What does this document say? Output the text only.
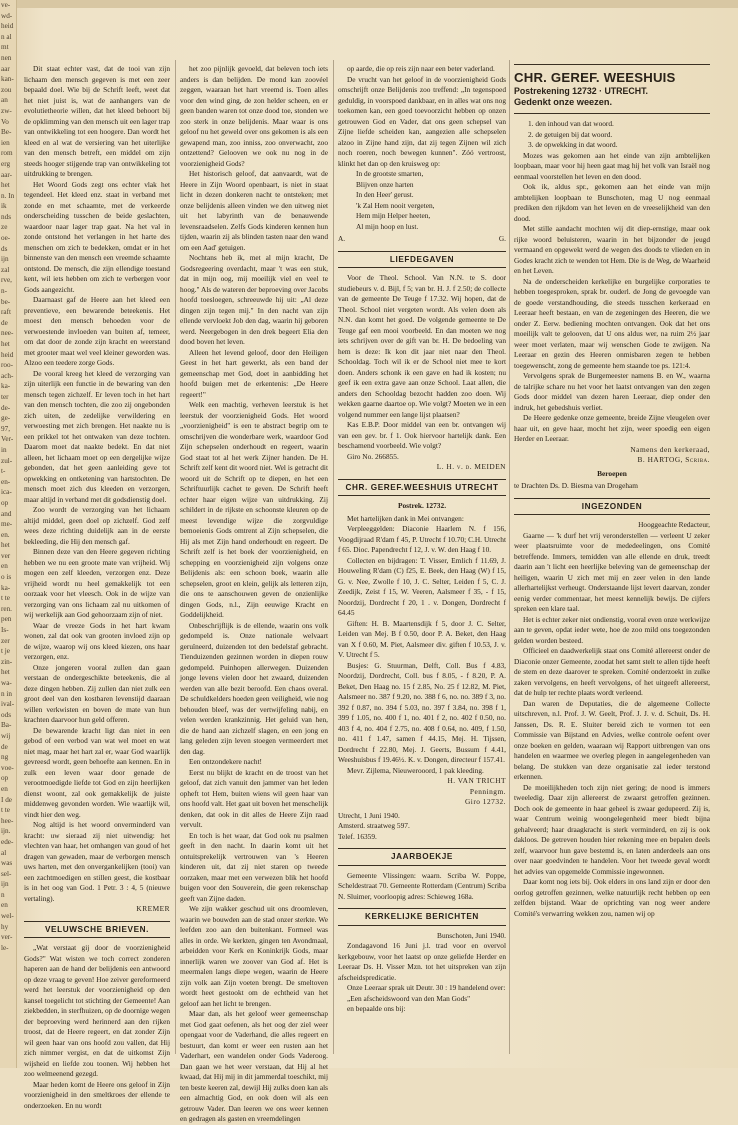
ve-
wd-
heid
n al
mt
nen
aar
kan-
zou
an
zw-
Vo
Be-
ien
rom
erg
aar-
het
n. In
ik
nds
ze
oe-
ds
ijn
zal
rve,
n-
be-
raft
de
nee-
het
heid
roo-
ach-
ka-
ter
de-
ge-
97,
Ver-
in
zul-
t-
en-
ica-
op
and
me-
en.
het
ver
en
o is
ka-
t te
ren.
pen
Is-
zer
t je
zin-
het
wa-
n in
ival-
ods
Ba-
wij
de
ng
voe-
op
en
I de
t te
hee-
ijn.
ede-
al
was
sel-
ijn
n
en
wel-
hy
ver-
le-

Dit staat echter vast, dat de tooi van zijn lichaam den mensch gegeven is met een zeer bepaald doel. Wie bij de Schrift leeft, weet dat het niet juist is, wat de aanhangers van de evolutietheorie willen, dat het kleed behoort bij de opklimming van den mensch uit een lager trap van ontwikkeling tot een hoogere. Dan wordt het kleed en al wat de versiering van het uiterlijke van den mensch betreft, een middel om zijn steeds hooger stijgende trap van ontwikkeling tot uitdrukking te brengen.

Het Woord Gods zegt ons echter vlak het tegendeel. Het kleed enz. staat in verband met zonde en met schaamte, met de verkeerde onderscheiding tusschen de beide geslachten, waardoor naar lager trap gaat. Na het val in zonde ontstond het verlangen in het harte des menschen om zich te bedekken, omdat er in het binnenste van den mensch een vreemde schaamte ontstond. De mensch, die zijn ellendige toestand kent, wil iets hebben om zich te verbergen voor Gods aangezicht.

Daarnaast gaf de Heere aan het kleed een preventieve, een bewarende beteekenis. Het moest den mensch behoeden voor de verwoestende invloeden van buiten af, temeer, om dat door de zonde zijn kracht en weerstand met grooter maat wel veel kleiner geworden was. Alzoo een teedere zorge Gods.

De vooral kreeg het kleed de verzorging van zijn uiterlijk een functie in de bewaring van den mensch tegen zichzelf. Er leven toch in het hart van den mensch tochten, die zoo zij ongebonden zich uiten, de zedelijke verwildering en verwoesting met zich brengen. Het naakte nu is een prikkel tot het ontwaken van deze tochten. Daarom moet dat naakte bedekt. En dat niet alleen, het lichaam moet op een dergelijke wijze gebonden, dat het geen aanleiding geve tot opwekking en ontketening van hartstochten. De mensch moet zich dus kleeden en verzorgen, maar altijd in verband met dit godsdienstig doel.

Zoo wordt de verzorging van het lichaam altijd middel, geen doel op zichzelf. God zelf wees deze richting duidelijk aan in de eerste bekleeding, die Hij den mensch gaf.

Binnen deze van den Heere gegeven richting hebben we nu een groote mate van vrijheid. Wij mogen een zelf kleeden, verzorgen enz. Deze vrijheid wordt nu heel gemakkelijk tot een oorzaak voor het vleesch. Ook in de wijze van verzorging van ons lichaam zal nu uitkomen of wij werkelijk aan God gehoorzaam zijn of niet.

Waar de vreeze Gods in het hart kwam wonen, zal dat ook van grooten invloed zijn op de wijze, waarop wij ons kleed kiezen, ons haar verzorgen, enz.

Onze jongeren vooral zullen dan gaan verstaan de ondergeschikte beteekenis, die al deze dingen hebben. Zij zullen dan niet zulk een groot deel van den kostbaren levenstijd daaraan willen verkwisten en boven de mate van hun krachten daarvoor hun geld offeren.

De bewarende kracht ligt dan niet in een gebod of een verbod van wat wel moet en wat niet mag, maar het hart zal er, waar God waarlijk gevreesd wordt, geen behoefte aan kennen. En in zulk een leven waar door genade de verootmoedigde liefde tot God en zijn heerlijken dienst woont, zal ook gemakkelijk de juiste middenweg gevonden worden. Wie waarlijk wil, vindt hier den weg.

Nog altijd is het woord onverminderd van kracht: uw sieraad zij niet uitwendig: het vlechten van haar, het omhangen van goud of het dragen van gewaden, maar de verborgen mensch uws harten, met den onvergankelijken (tooi) van een zachtmoedigen en stillen geest, die kostbaar is in het oog van God. 1 Petr. 3 : 4, 5 (nieuwe vertaling).

KREMER

VELUWSCHE BRIEVEN.

„Wat verstaat gij door de voorzienigheid Gods?" Wat wisten we toch correct zonderen haperen aan de hand der belijdenis een antwoord op deze vraag te geven! Hoe zeiver gereformeerd werd het leerstuk der voorzienigheid op den kansel toegelicht tot stichting der Gemeente! Aan ziekbedden, in sterfhuizen, op de doornige wegen der beproeving werd herinnerd aan den rijken troost, dat de Heere regeert, en dat zonder Zijn wil geen haar van ons hoofd zou vallen, dat Hij zich nimmer vergist, en dat de uitkomst Zijn wijsheid en liefde zou toonen. Wij hebben het zoo welmeenend gezegd.

Maar heden komt de Heere ons geloof in Zijn voorzienigheid in den smeltkroes der ellende te onderzoeken. En nu wordt

het zoo pijnlijk gevoeld, dat beleven toch iets anders is dan belijden. De mond kan zoovéel zeggen, waaraan het hart vreemd is. Toen alles voor den wind ging, de zon helder scheen, en er geen banden waren tot onze dood toe, stonden we zoo sterk in onze belijdenis. Maar waar is ons geloof nu het geweld over ons gekomen is als een gewapend man, zoo inniss, zoo onverwacht, zoo ontzettend? Gelooven we ook nu nog in de voorzienigheid Gods?

Het historisch geloof, dat aanvaardt, wat de Heere in Zijn Woord openbaart, is niet in staat licht in dezen donkeren nacht te ontsteken; met onze belijdenis alleen vinden we den uitweg niet uit het labyrinth van de benauwende levensraadselen. Zelfs Gods kinderen kennen hun tijden, waarin zij als blinden tasten naar den wand om een Aad' getuigen.

Nochtans heb ik, met al mijn kracht, De Godsregeering overdacht, maar 't was een stuk, dat in mijn oog, mij moeilijk viel en veel te hoog." Als de wateren der beproeving over Jacobs hoofd toesloegen, schreeuwde hij uit: „Al deze dingen zijn tegen mij." In den nacht van zijn ellende vervloekt Job den dag, waarin hij geboren werd. Neergebogen in den drek begeert Elia den dood boven het leven.

Alleen het levend geloof, door den Heiligen Geest in het hart gewerkt, als een band der gemeenschap met God, doet in aanbidding het hoofd buigen met de erkentenis: „De Heere regeert!"

Welk een machtig, verheven leerstuk is het leerstuk der voorzienigheid Gods. Het woord „voorzienigheid" is een te abstract begrip om te omschrijven die wonderbare werk, waardoor God Zijn schepselen onderhoudt en regeert, waarin God staat tot al het werk Zijner handen. De H. Schrift zelf kent dit woord niet. Wel is getracht dit woord uit de Schrift op te diepen, en het een Schriftuurlijk cachet te geven. De Schrift heeft echter haar eigen wijze van uitdrukking. Zij schildert in de rijkste en schoonste kleuren op de meest levendige wijze die zorgvuldige bemoeienis Gods omtrent al Zijn schepselen, die Hij als met Zijn hand onderhoudt en regeert. De Schrift zelf is het boek der voorzienigheid, en schepping en voorzienigheid zijn volgens onze Belijdenis als: een schoon boek, waarin alle schepselen, groot en klein, gelijk als letteren zijn, die ons te aanschouwen geven de onzienlijke dingen Gods, n.l., Zijn eeuwige Kracht en Goddelijkheid.

Onbeschrijflijk is de ellende, waarin ons volk gedompeld is. Onze nationale welvaart geruïneerd, duizenden tot den bedelstaf gebracht. Tienduizenden gezinnen worden in diepen rouw gedompeld. Puinhopen allerwegen. Duizenden jonge levens vielen door het zwaard, duizenden werden van alle bezit beroofd. Een chaos overal. De schuldkelders hoeden geen veiligheid, wie nog behouden bleef, was der vertwijfeling nabij, en velen werden krankzinnig. Het geluid van hen, die de hand aan zichzelf slagen, en een jong en lang geleden zijn leven stoegen vermeerdert met den dag.

Een ontzondekere nacht!

Eerst nu blijkt de kracht en de troost van het geloof, dat zich vanuit den jammer van het leden opheft tot Hem, buiten wiens wil geen haar van ons hoofd valt. Het gaat uit boven het menschelijk denken, dat ook in dit alles de Heere Zijn raad vervult.

En toch is het waar, dat God ook nu psalmen geeft in den nacht. In daarin komt uit het ontuitsprekelijk vertrouwen van 's Heeren kinderen uit, dat zij niet staren op tweede oorzaken, maar met een verwezen blik het hoofd buigen voor den Souverein, die geen rekenschap geeft van Zijne daden.

We zijn wakker geschud uit ons droomleven, waarin we bouwden aan de stad onzer sterkte. We leefden zoo aan den buitenkant. Formeel was alles in orde. We kerkten, gingen ten Avondmaal, arbeidden voor Kerk en Koninkrijk Gods, maar innerlijk waren we zoover van God af. Het is meermalen langs diepe wegen, waarin de Heere zijn volk aan Zijn voeten brengt. De smeltoven wordt heet gestookt om de echtheid van het geloof aan het licht te brengen.

Maar dan, als het geloof weer gemeenschap met God gaat oefenen, als het oog der ziel weer opengaat voor de Vaderhand, die alles regeert en bestuurt, dan komt er weer een rusten aan het Vaderhart, een wandelen onder Gods Vaderoog. Dan gaan we het weer verstaan, dat Hij al het kwaad, dat Hij mij in dit jammerdal toeschikt, mij ten beste keeren zal, dewijl Hij zulks doen kan als een almachtig God, en ook doen wil als een getrouw Vader. Dan leeren we ons weer kennen en gedragen als gasten en vreemdelingen

op aarde, die op reis zijn naar een beter vaderland.

De vrucht van het geloof in de voorzienigheid Gods omschrijft onze Belijdenis zoo treffend: „In tegenspoed geduldig, in voorspoed dankbaar, en in alles wat ons nog toekomen kan, een goed toevoorzicht hebben op onzen getrouwen God en Vader, dat ons geen schepsel van Zijne liefde scheiden kan, aangezien alle schepselen alzoo in Zijne hand zijn, dat zij tegen Zijnen wil zich noch roeren, noch bewegen kunnen". Zóó vertroost, klinkt het dan op den kruisweg op:

In de grootste smarten,

Blijven onze harten

In den Heer' gerust.

'k Zal Hem nooit vergeten,

Hem mijn Helper heeten,

Al mijn hoop en lust.

A.	G.

LIEFDEGAVEN

Voor de Theol. School. Van N.N. te S. door studiebeurs v. d. Bijl, f 5; van br. H. J. f 2.50; de collecte van de gemeente De Teuge f 17.32. Wij hopen, dat de Theol. School niet vergeten wordt. Als velen doen als N.N. dan komt het goed. De volgende gemeente te De Teuge gaf een mooi voorbeeld. En dan moeten we nog iets schrijven over de gift van br. H. De bedoeling van hem is deze: Ik kon dit jaar niet naar den Theol. Schooldag. Toch wil ik er de School niet mee te kort doen. Anders schonk ik een gave en had ik kosten; nu geef ik een extra gave aan onze School. Laat allen, die anders den Schooldag bezocht hadden zoo doen. Wij wekken gaarne daartoe op. Wie volgt? Moeten we in een volgend nummer een lange lijst plaatsen?

Kas E.B.P. Door middel van een br. ontvangen wij van een gev. br. f 1. Ook hiervoor hartelijk dank. Een beschamend voorbeeld. Wie volgt?

Giro No. 266855.

L. H. v. d. MEIDEN

CHR. GEREF.WEESHUIS UTRECHT

Postrek. 12732.

Met hartelijken dank in Mei ontvangen:

Verpleeggelden: Diaconie Haarlem N. f 156, Voogdijraad R'dam f 45, P. Utrecht f 10.70; C.H. Utrecht f 65. Dioc. Papendrecht f 12, J. v. W. den Haag f 10.

Collecten en bijdragen: T. Visser, Emlich f 11.69, J. Houweling R'dam (C) f25, E. Beek, den Haag (W) f 15, G. v. Nee, Zwolle f 10, J. C. Selter, Leiden f 5, C. J. Zeedijk, Zeist f 15, W. Veeren, Aalsmeer f 35, - f 15, Noordzij, Dordrecht f 20, 1 . v. Dongen, Dordrecht f 64.45

Giften: H. B. Maartensdijk f 5, door J. C. Selter, Leiden van Mej. B f 0.50, door P. A. Beket, den Haag van X f 0.60, M. Piet, Aalsmeer div. giften f 10.53, J. v. V. Utrecht f 5.

Busjes: G. Stuurman, Delft, Coll. Bus f 4.83, Noordzij, Dordrecht, Coll. bus f 8.05, - f 8.20, P. A. Beket, Den Haag no. 15 f 2.85, No. 25 f 12.82, M. Piet, Aalsmeer no. 387 f 9.20, no. 388 f 6, no. no. 389 f 3, no. 392 f 0.87, no. 394 f 5.03, no. 397 f 3.84, no. 398 f 1, 399 f 1.05, no. 400 f 1, no. 401 f 2, no. 402 f 0.50, no. 403 f 4, no. 404 f 2.75, no. 408 f 0.64, no. 409, f 1.50, no. 411 f 1.47, samen f 44.15, Mej. H. Tijssen, Dordrecht f 22.80, Mej. J. Geerts, Bussum f 4.41, Weeshuisbus f 19.46½. K. v. Dongen, directeur f 157.41.

Mevr. Zijlema, Nieuwerooord, 1 pak kleeding.

H. VAN TRICHT

Penningm.

Giro 12732.

Utrecht, 1 Juni 1940.

Amsterd. straatweg 597.

Telef. 16359.

JAARBOEKJE

Gemeente Vlissingen: waarn. Scriba W. Poppe, Scheldestraat 70. Gemeente Rotterdam (Centrum) Scriba N. Sluimer, voorloopig adres: Schieweg 168a.

KERKELIJKE BERICHTEN

Bunschoten, Juni 1940.

Zondagavond 16 Juni j.l. trad voor en overvol kerkgebouw, voor het laatst op onze geliefde Herder en Leeraar Ds. H. Visser Mzn. tot het uitspreken van zijn afscheidspredicatie.

Onze Leeraar sprak uit Deutr. 30 : 19 handelend over:

„Een afscheidswoord van den Man Gods"

en bepaalde ons bij:

CHR. GEREF. WEESHUIS
Postrekening 12732 · UTRECHT.
Gedenkt onze weezen.

1. den inhoud van dat woord.

2. de getuigen bij dat woord.

3. de opwekking in dat woord.

Mozes was gekomen aan het einde van zijn ambtelijken loopbaan, maar voor hij heen gaat mag hij het volk van Israël nog eenmaal voorstellen het leven en den dood.

Ook ik, aldus spr., gekomen aan het einde van mijn ambtelijken loopbaan te Bunschoten, mag U nog eenmaal prediken den rijkdom van het leven en de vreeselijkheid van den dood.

Met stille aandacht mochten wij dit diep-ernstige, maar ook rijke woord beluisteren, waarin in het bijzonder de jeugd vermaand en opgewekt werd de wegen des doods te vlieden en in Godes kracht zich te wenden tot Hem. Die is de Weg, de Waarheid en het Leven.

Na de onderscheiden kerkelijke en burgelijke corporaties te hebben toegesproken, sprak br. ouderl. de Jong de gevoegde van de goede verstandhouding, die steeds tusschen kerkeraad en Leeraar heeft bestaan, en van de zegeningen des Heeren, die we onder Z. Eerw. bediening mochten ontvangen. Ook dat het ons moeilijk valt te gelooven, dat U ons aldus wer, na ruim 2½ jaar weer moet verlaten, maar wij wenschen Gode te zwijgen. Na Leeraar en gezin des Heeren onmisbaren zegen te hebben toegewenscht, zong de gemeente hem staande toe ps. 121:4.

Vervolgens sprak de Burgemeester namens B. en W., waarna de talrijke schare nu het voor het laatst ontvangen van den zegen Gods door middel van dezen haren Leeraar, diep onder den indruk, het gebedshuis verliet.

De Heere gedenke onze gemeente, breide Zijne vleugelen over haar uit, en geve haar, mocht het zijn, weer spoedig een eigen Herder en Leeraar.

Namens den kerkeraad,

B. HARTOG, Scriba.

Beroepen

te Drachten Ds. D. Biesma van Drogeham

INGEZONDEN

Hooggeachte Redacteur,

Gaarne — 'k durf het vrij veronderstellen — verleent U zeker weer plaatsruimte voor de mededeelingen, ons Comité betreffende. Immers, temidden van alle ellende en druk, treedt daarin aan 't licht een heerlijke beleving van de gemeenschap der heiligen, waarin U zich met mij en zeer velen in den lande allerhartelijkst verheugt. Onderstaande lijst levert daarvan, zonder eenig verder commentaar, het meest kennelijk bewijs. De cijfers spreken een klare taal.

Het is echter zeker niet ondienstig, vooral even onze werkwijze aan te geven, opdat ieder wete, hoe de zoo mild ons toegezonden gelden worden besteed.

Officieel en daadwerkelijk staat ons Comité allereerst onder de Diaconie onzer Gemeente, zoodat het samt stelt te allen tijde heeft de stem en deze daarover te spreken. Comité onderzoekt in zulke zaken vervolgens, en heeft vervolgens, of het uitgeeft allereerst, dat de hulp ter rechte plaats wordt verleend.

Dan waren de Deputaties, die de algemeene Collecte uitschreven, n.l. Prof. J. W. Geelt, Prof. J. J. v. d. Schuit, Ds. H. Janssen, Ds. R. E. Sluiter bereid zich te vormen tot een Commissie van Bijstand en Advies, welke controle oefent over onze boeken en gelden, waaraan wij Rapport uitbrengen van ons handelen en waarmee we overleg plegen in aangelegenheden van belang. De stukken van deze organisatie zal ieder terstond erkennen.

De moeilijkheden toch zijn niet gering; de nood is immers tweeledig. Daar zijn allereerst de zwaarst getroffen gezinnen. Doch ook de gemeente in haar geheel is zwaar gedupeerd. Zij is, waar Centrum weinig woongelegenheid meer biedt bijna gehalveerd; haar draagkracht is sterk verminderd, en zij is ook dakloos. De getreven houden hier rekening mee en bepalen deels zelf, waarvoor hun gave bestemd is, en laten anderdeels aan ons over naar goedvinden te handelen. Voor het tweede geval wordt het advies van opgemelde Commissie ingewonnen.

Daar komt nog iets bij. Ook elders in ons land zijn er door den oorlog getroffen gezinnen, welke natuurlijk recht hebben op een zelfden bijstand. Waar de oprichting van nog weer andere Comité's verwarring wekken zou, namen wij op
